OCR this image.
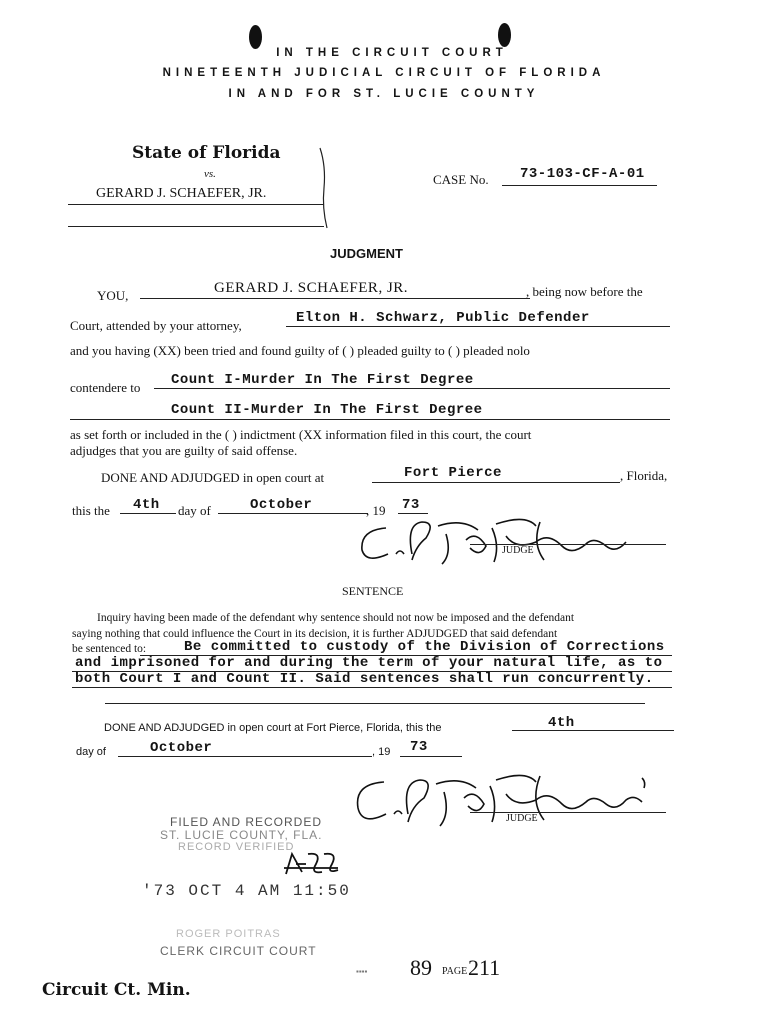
IN THE CIRCUIT COURT
NINETEENTH JUDICIAL CIRCUIT OF FLORIDA
IN AND FOR ST. LUCIE COUNTY
State of Florida
vs.
GERARD J. SCHAEFER, JR.
CASE No. 73-103-CF-A-01
JUDGMENT
YOU,	GERARD J. SCHAEFER, JR.	, being now before the
Court, attended by your attorney,	Elton H. Schwarz, Public Defender
and you having (XX) been tried and found guilty of ( ) pleaded guilty to ( ) pleaded nolo
contendere to Count I-Murder In The First Degree
Count II-Murder In The First Degree
as set forth or included in the ( ) indictment (XX information filed in this court, the court
adjudges that you are guilty of said offense.
DONE AND ADJUDGED in open court at	Fort Pierce	, Florida,
this the 4th day of	October	, 19 73
JUDGE
SENTENCE
Inquiry having been made of the defendant why sentence should not now be imposed and the defendant
saying nothing that could influence the Court in its decision, it is further ADJUDGED that said defendant
be sentenced to:	Be committed to custody of the Division of Corrections
and imprisoned for and during the term of your natural life, as to
both Court I and Count II. Said sentences shall run concurrently.
DONE AND ADJUDGED in open court at Fort Pierce, Florida, this the	4th
day of	October	, 19 73
JUDGE
FILED AND RECORDED
ST. LUCIE COUNTY, FLA.
RECORD VERIFIED
'73 OCT 4 AM 11:50
ROGER POITRAS
CLERK CIRCUIT COURT
Circuit Ct. Min.
▪▪▪▪ 89 PAGE 211
